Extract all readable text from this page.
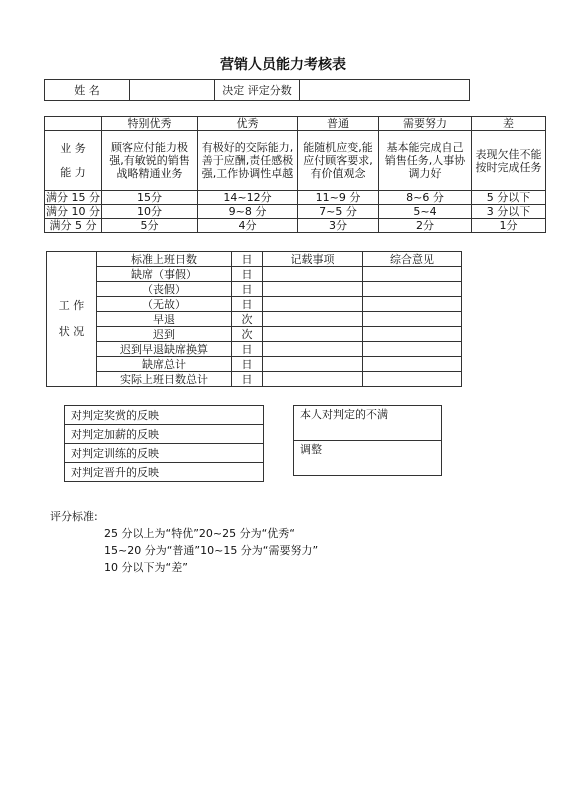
营销人员能力考核表
姓 名		决定 评定分数	
	特别优秀	优秀	普通	需要努力	差

业 务
能 力	顾客应付能力极强,有敏锐的销售战略精通业务	有极好的交际能力,善于应酬,责任感极强,工作协调性卓越	能随机应变,能应付顾客要求,有价值观念	基本能完成自己销售任务,人事协调力好	表现欠佳不能按时完成任务
满分 15 分	15分	14~12分	11~9 分	8~6 分	5 分以下
满分 10 分	10分	9~8 分	7~5 分	5~4	3 分以下
满分 5 分	5分	4分	3分	2分	1分
工 作
状 况	标准上班日数	日	记载事项	综合意见
	缺席（事假）	日		
	（丧假）	日		
	（无故）	日		
	早退	次		
	迟到	次		
	迟到早退缺席换算	日		
	缺席总计	日		
	实际上班日数总计	日		
对判定奖赏的反映
对判定加薪的反映
对判定训练的反映
对判定晋升的反映
本人对判定的不满
调整
评分标准:
25 分以上为“特优”20~25 分为“优秀“
15~20 分为“普通”10~15 分为“需要努力”
10 分以下为“差”
